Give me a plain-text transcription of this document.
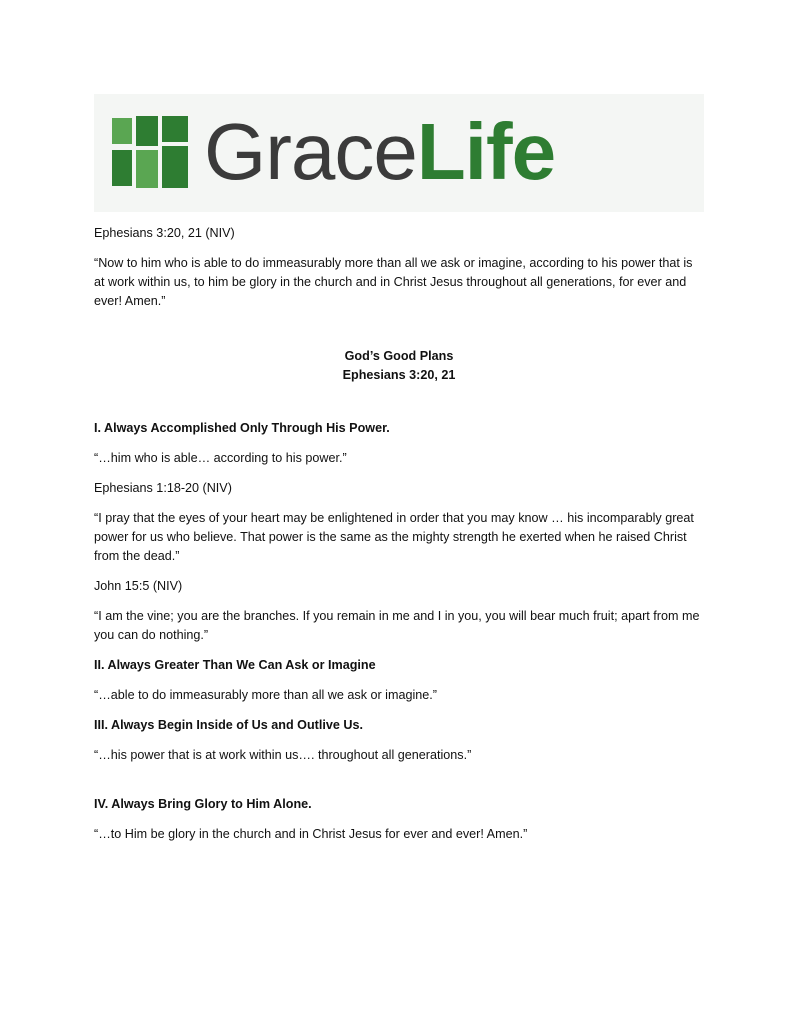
GraceLife

Ephesians 3:20, 21 (NIV)

“Now to him who is able to do immeasurably more than all we ask or imagine, according to his power that is at work within us, to him be glory in the church and in Christ Jesus throughout all generations, for ever and ever! Amen.”

God’s Good Plans

Ephesians 3:20, 21

I. Always Accomplished Only Through His Power.

“…him who is able… according to his power.”

Ephesians 1:18-20 (NIV)

“I pray that the eyes of your heart may be enlightened in order that you may know … his incomparably great power for us who believe. That power is the same as the mighty strength he exerted when he raised Christ from the dead.”

John 15:5 (NIV)

“I am the vine; you are the branches. If you remain in me and I in you, you will bear much fruit; apart from me you can do nothing.”

II. Always Greater Than We Can Ask or Imagine

“…able to do immeasurably more than all we ask or imagine.”

III. Always Begin Inside of Us and Outlive Us.

“…his power that is at work within us…. throughout all generations.”

IV. Always Bring Glory to Him Alone.

“…to Him be glory in the church and in Christ Jesus for ever and ever! Amen.”
